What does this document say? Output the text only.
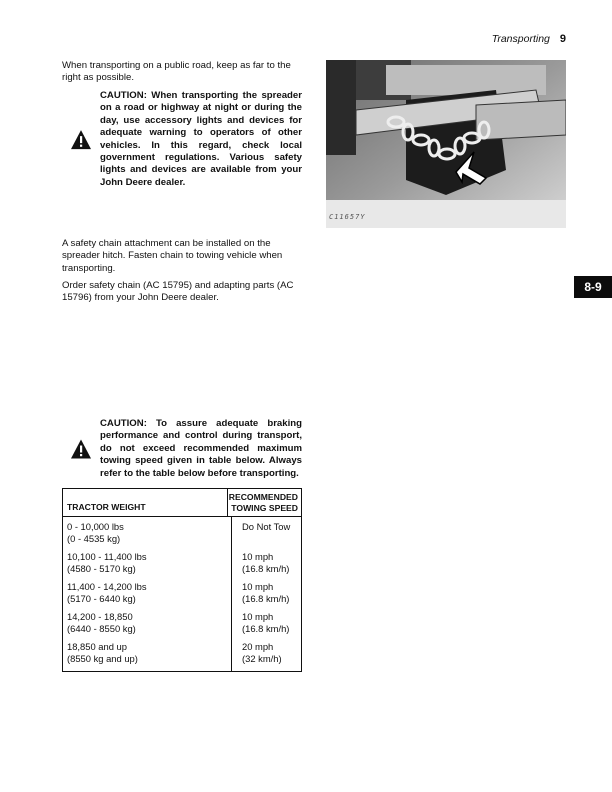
Transporting 9

When transporting on a public road, keep as far to the right as possible.

CAUTION: When transporting the spreader on a road or highway at night or during the day, use accessory lights and devices for adequate warning to operators of other vehicles. In this regard, check local government regulations. Various safety lights and devices are available from your John Deere dealer.

A safety chain attachment can be installed on the spreader hitch. Fasten chain to towing vehicle when transporting.

Order safety chain (AC 15795) and adapting parts (AC 15796) from your John Deere dealer.

CAUTION: To assure adequate braking performance and control during transport, do not exceed recommended maximum towing speed given in table below. Always refer to the table below before transporting.
C11657Y
8-9
TRACTOR WEIGHT
RECOMMENDED
TOWING SPEED
0 - 10,000 lbs
(0 - 4535 kg)
10,100 - 11,400 lbs
(4580 - 5170 kg)
11,400 - 14,200 lbs
(5170 - 6440 kg)
14,200 - 18,850
(6440 - 8550 kg)
18,850 and up
(8550 kg and up)
Do Not Tow
10 mph
(16.8 km/h)
10 mph
(16.8 km/h)
10 mph
(16.8 km/h)
20 mph
(32 km/h)
